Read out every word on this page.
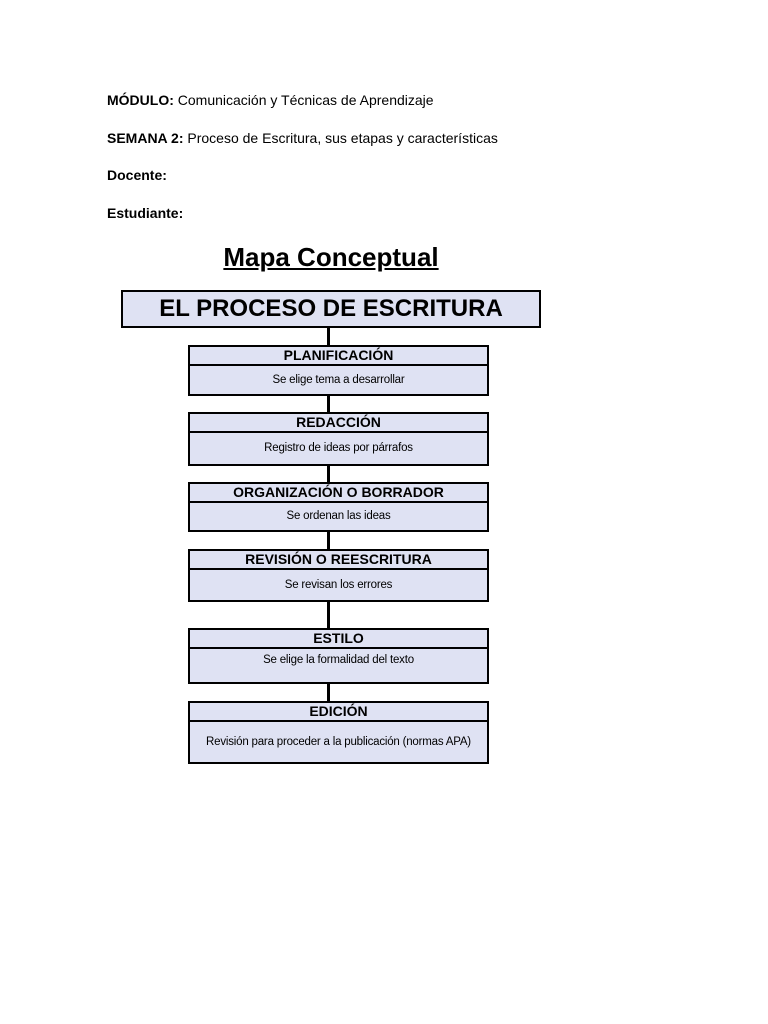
MÓDULO: Comunicación y Técnicas de Aprendizaje
SEMANA 2: Proceso de Escritura, sus etapas y características
Docente:
Estudiante:
Mapa Conceptual
EL PROCESO DE ESCRITURA
PLANIFICACIÓN
Se elige tema a desarrollar
REDACCIÓN
Registro de ideas por párrafos
ORGANIZACIÓN O BORRADOR
Se ordenan las ideas
REVISIÓN O REESCRITURA
Se revisan los errores
ESTILO
Se elige la formalidad del texto
EDICIÓN
Revisión para proceder a la publicación (normas APA)
